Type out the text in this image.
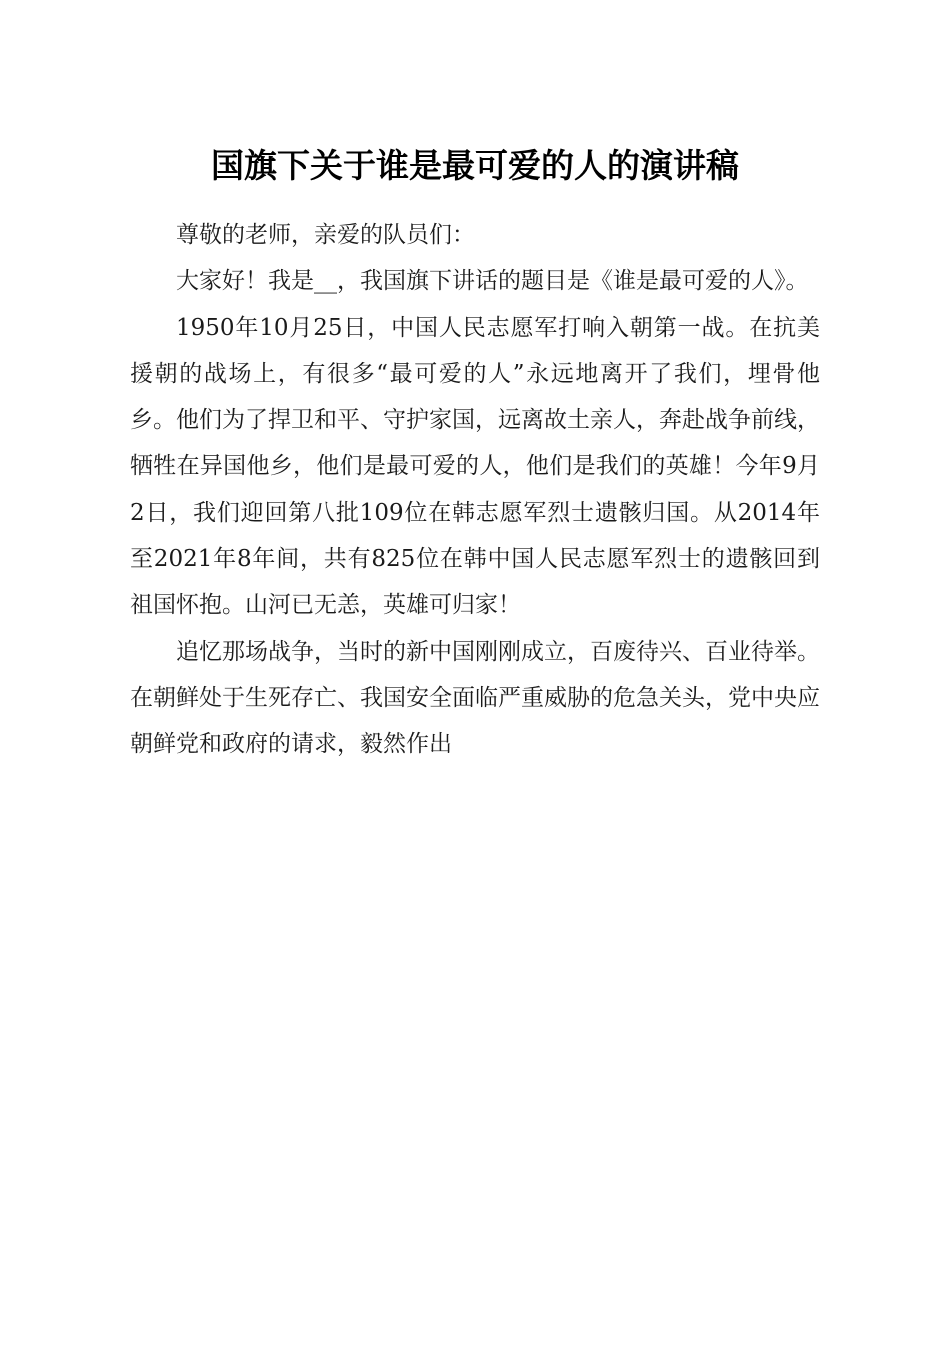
国旗下关于谁是最可爱的人的演讲稿

尊敬的老师，亲爱的队员们：

大家好！我是__，我国旗下讲话的题目是《谁是最可爱的人》。

1950年10月25日，中国人民志愿军打响入朝第一战。在抗美援朝的战场上，有很多“最可爱的人”永远地离开了我们，埋骨他乡。他们为了捍卫和平、守护家国，远离故土亲人，奔赴战争前线，牺牲在异国他乡，他们是最可爱的人，他们是我们的英雄！今年9月2日，我们迎回第八批109位在韩志愿军烈士遗骸归国。从2014年至2021年8年间，共有825位在韩中国人民志愿军烈士的遗骸回到祖国怀抱。山河已无恙，英雄可归家！

追忆那场战争，当时的新中国刚刚成立，百废待兴、百业待举。在朝鲜处于生死存亡、我国安全面临严重威胁的危急关头，党中央应朝鲜党和政府的请求，毅然作出
